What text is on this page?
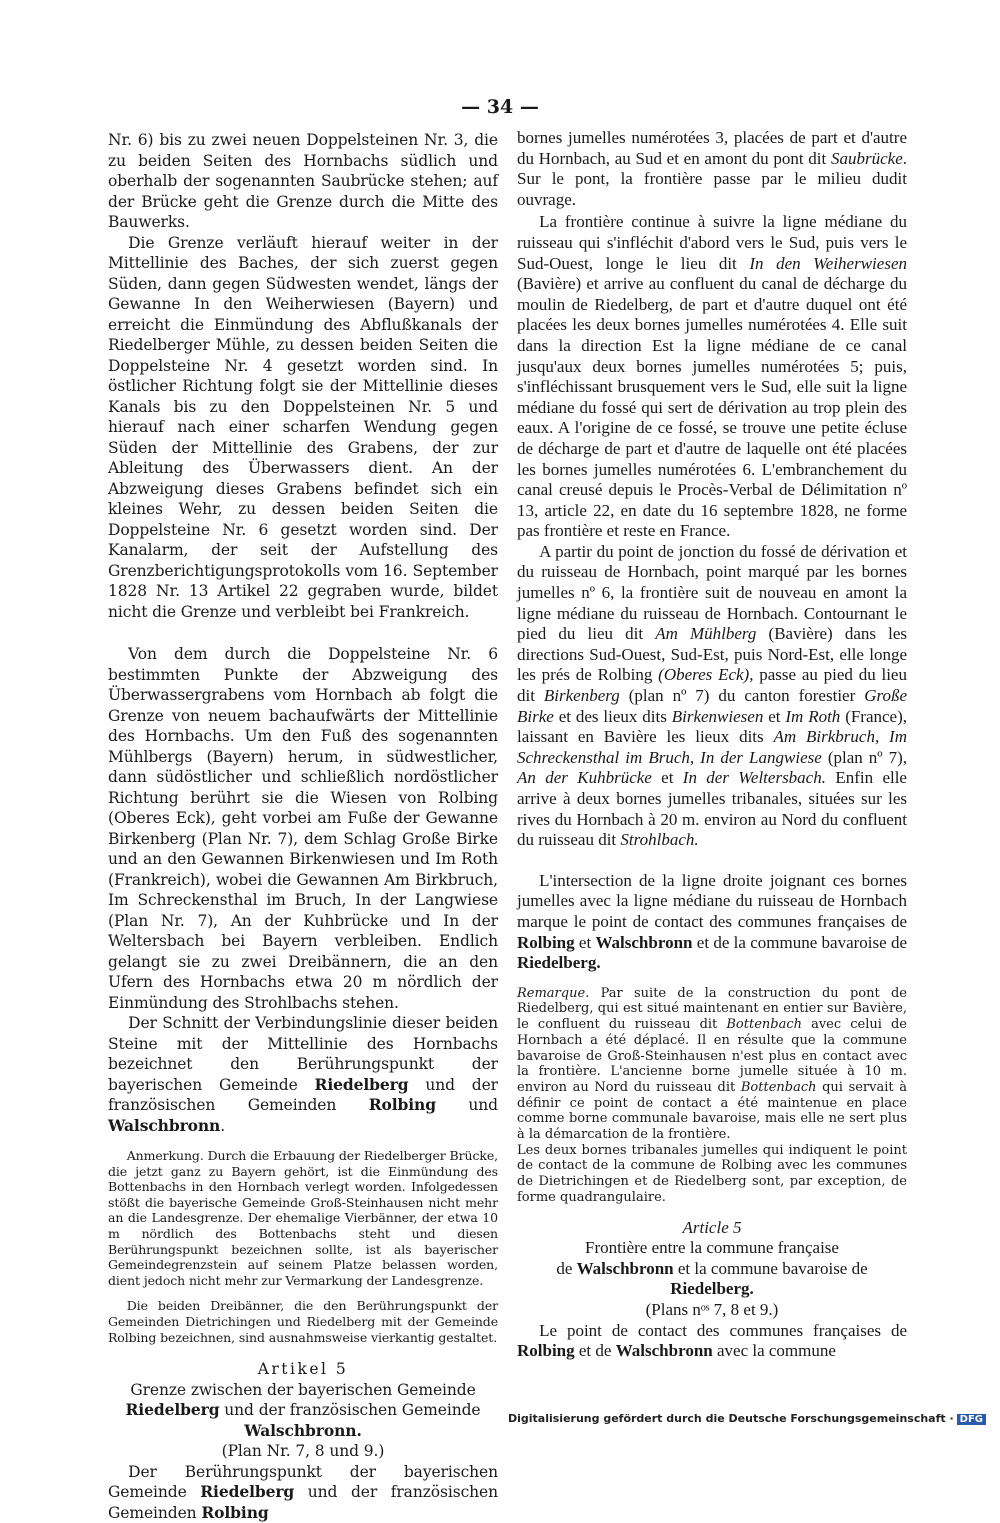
— 34 —

Nr. 6) bis zu zwei neuen Doppelsteinen Nr. 3, die zu beiden Seiten des Hornbachs südlich und oberhalb der sogenannten Saubrücke stehen; auf der Brücke geht die Grenze durch die Mitte des Bauwerks.

Die Grenze verläuft hierauf weiter in der Mittellinie des Baches, der sich zuerst gegen Süden, dann gegen Südwesten wendet, längs der Gewanne In den Weiherwiesen (Bayern) und erreicht die Einmündung des Abflußkanals der Riedelberger Mühle, zu dessen beiden Seiten die Doppelsteine Nr. 4 gesetzt worden sind. In östlicher Richtung folgt sie der Mittellinie dieses Kanals bis zu den Doppelsteinen Nr. 5 und hierauf nach einer scharfen Wendung gegen Süden der Mittellinie des Grabens, der zur Ableitung des Überwassers dient. An der Abzweigung dieses Grabens befindet sich ein kleines Wehr, zu dessen beiden Seiten die Doppelsteine Nr. 6 gesetzt worden sind. Der Kanalarm, der seit der Aufstellung des Grenzberichtigungsprotokolls vom 16. September 1828 Nr. 13 Artikel 22 gegraben wurde, bildet nicht die Grenze und verbleibt bei Frankreich.

Von dem durch die Doppelsteine Nr. 6 bestimmten Punkte der Abzweigung des Überwassergrabens vom Hornbach ab folgt die Grenze von neuem bachaufwärts der Mittellinie des Hornbachs. Um den Fuß des sogenannten Mühlbergs (Bayern) herum, in südwestlicher, dann südöstlicher und schließlich nordöstlicher Richtung berührt sie die Wiesen von Rolbing (Oberes Eck), geht vorbei am Fuße der Gewanne Birkenberg (Plan Nr. 7), dem Schlag Große Birke und an den Gewannen Birkenwiesen und Im Roth (Frankreich), wobei die Gewannen Am Birkbruch, Im Schreckensthal im Bruch, In der Langwiese (Plan Nr. 7), An der Kuhbrücke und In der Weltersbach bei Bayern verbleiben. Endlich gelangt sie zu zwei Dreibännern, die an den Ufern des Hornbachs etwa 20 m nördlich der Einmündung des Strohlbachs stehen.

Der Schnitt der Verbindungslinie dieser beiden Steine mit der Mittellinie des Hornbachs bezeichnet den Berührungspunkt der bayerischen Gemeinde Riedelberg und der französischen Gemeinden Rolbing und Walschbronn.

Anmerkung. Durch die Erbauung der Riedelberger Brücke, die jetzt ganz zu Bayern gehört, ist die Einmündung des Bottenbachs in den Hornbach verlegt worden. Infolgedessen stößt die bayerische Gemeinde Groß-Steinhausen nicht mehr an die Landesgrenze. Der ehemalige Vierbänner, der etwa 10 m nördlich des Bottenbachs steht und diesen Berührungspunkt bezeichnen sollte, ist als bayerischer Gemeindegrenzstein auf seinem Platze belassen worden, dient jedoch nicht mehr zur Vermarkung der Landesgrenze.

Die beiden Dreibänner, die den Berührungspunkt der Gemeinden Dietrichingen und Riedelberg mit der Gemeinde Rolbing bezeichnen, sind ausnahmsweise vierkantig gestaltet.

Artikel 5

Grenze zwischen der bayerischen Gemeinde

Riedelberg und der französischen Gemeinde Walschbronn.

(Plan Nr. 7, 8 und 9.)

Der Berührungspunkt der bayerischen Gemeinde Riedelberg und der französischen Gemeinden Rolbing

bornes jumelles numérotées 3, placées de part et d'autre du Hornbach, au Sud et en amont du pont dit Saubrücke. Sur le pont, la frontière passe par le milieu dudit ouvrage.

La frontière continue à suivre la ligne médiane du ruisseau qui s'infléchit d'abord vers le Sud, puis vers le Sud-Ouest, longe le lieu dit In den Weiherwiesen (Bavière) et arrive au confluent du canal de décharge du moulin de Riedelberg, de part et d'autre duquel ont été placées les deux bornes jumelles numérotées 4. Elle suit dans la direction Est la ligne médiane de ce canal jusqu'aux deux bornes jumelles numérotées 5; puis, s'infléchissant brusquement vers le Sud, elle suit la ligne médiane du fossé qui sert de dérivation au trop plein des eaux. A l'origine de ce fossé, se trouve une petite écluse de décharge de part et d'autre de laquelle ont été placées les bornes jumelles numérotées 6. L'embranchement du canal creusé depuis le Procès-Verbal de Délimitation nº 13, article 22, en date du 16 septembre 1828, ne forme pas frontière et reste en France.

A partir du point de jonction du fossé de dérivation et du ruisseau de Hornbach, point marqué par les bornes jumelles nº 6, la frontière suit de nouveau en amont la ligne médiane du ruisseau de Hornbach. Contournant le pied du lieu dit Am Mühlberg (Bavière) dans les directions Sud-Ouest, Sud-Est, puis Nord-Est, elle longe les prés de Rolbing (Oberes Eck), passe au pied du lieu dit Birkenberg (plan nº 7) du canton forestier Große Birke et des lieux dits Birkenwiesen et Im Roth (France), laissant en Bavière les lieux dits Am Birkbruch, Im Schreckensthal im Bruch, In der Langwiese (plan nº 7), An der Kuhbrücke et In der Weltersbach. Enfin elle arrive à deux bornes jumelles tribanales, situées sur les rives du Hornbach à 20 m. environ au Nord du confluent du ruisseau dit Strohlbach.

L'intersection de la ligne droite joignant ces bornes jumelles avec la ligne médiane du ruisseau de Hornbach marque le point de contact des communes françaises de Rolbing et Walschbronn et de la commune bavaroise de Riedelberg.

Remarque. Par suite de la construction du pont de Riedelberg, qui est situé maintenant en entier sur Bavière, le confluent du ruisseau dit Bottenbach avec celui de Hornbach a été déplacé. Il en résulte que la commune bavaroise de Groß-Steinhausen n'est plus en contact avec la frontière. L'ancienne borne jumelle située à 10 m. environ au Nord du ruisseau dit Bottenbach qui servait à définir ce point de contact a été maintenue en place comme borne communale bavaroise, mais elle ne sert plus à la démarcation de la frontière.

Les deux bornes tribanales jumelles qui indiquent le point de contact de la commune de Rolbing avec les communes de Dietrichingen et de Riedelberg sont, par exception, de forme quadrangulaire.

Article 5

Frontière entre la commune française

de Walschbronn et la commune bavaroise de

Riedelberg.

(Plans nᵒˢ 7, 8 et 9.)

Le point de contact des communes françaises de Rolbing et de Walschbronn avec la commune

Digitalisierung gefördert durch die Deutsche Forschungsgemeinschaft · DFG
